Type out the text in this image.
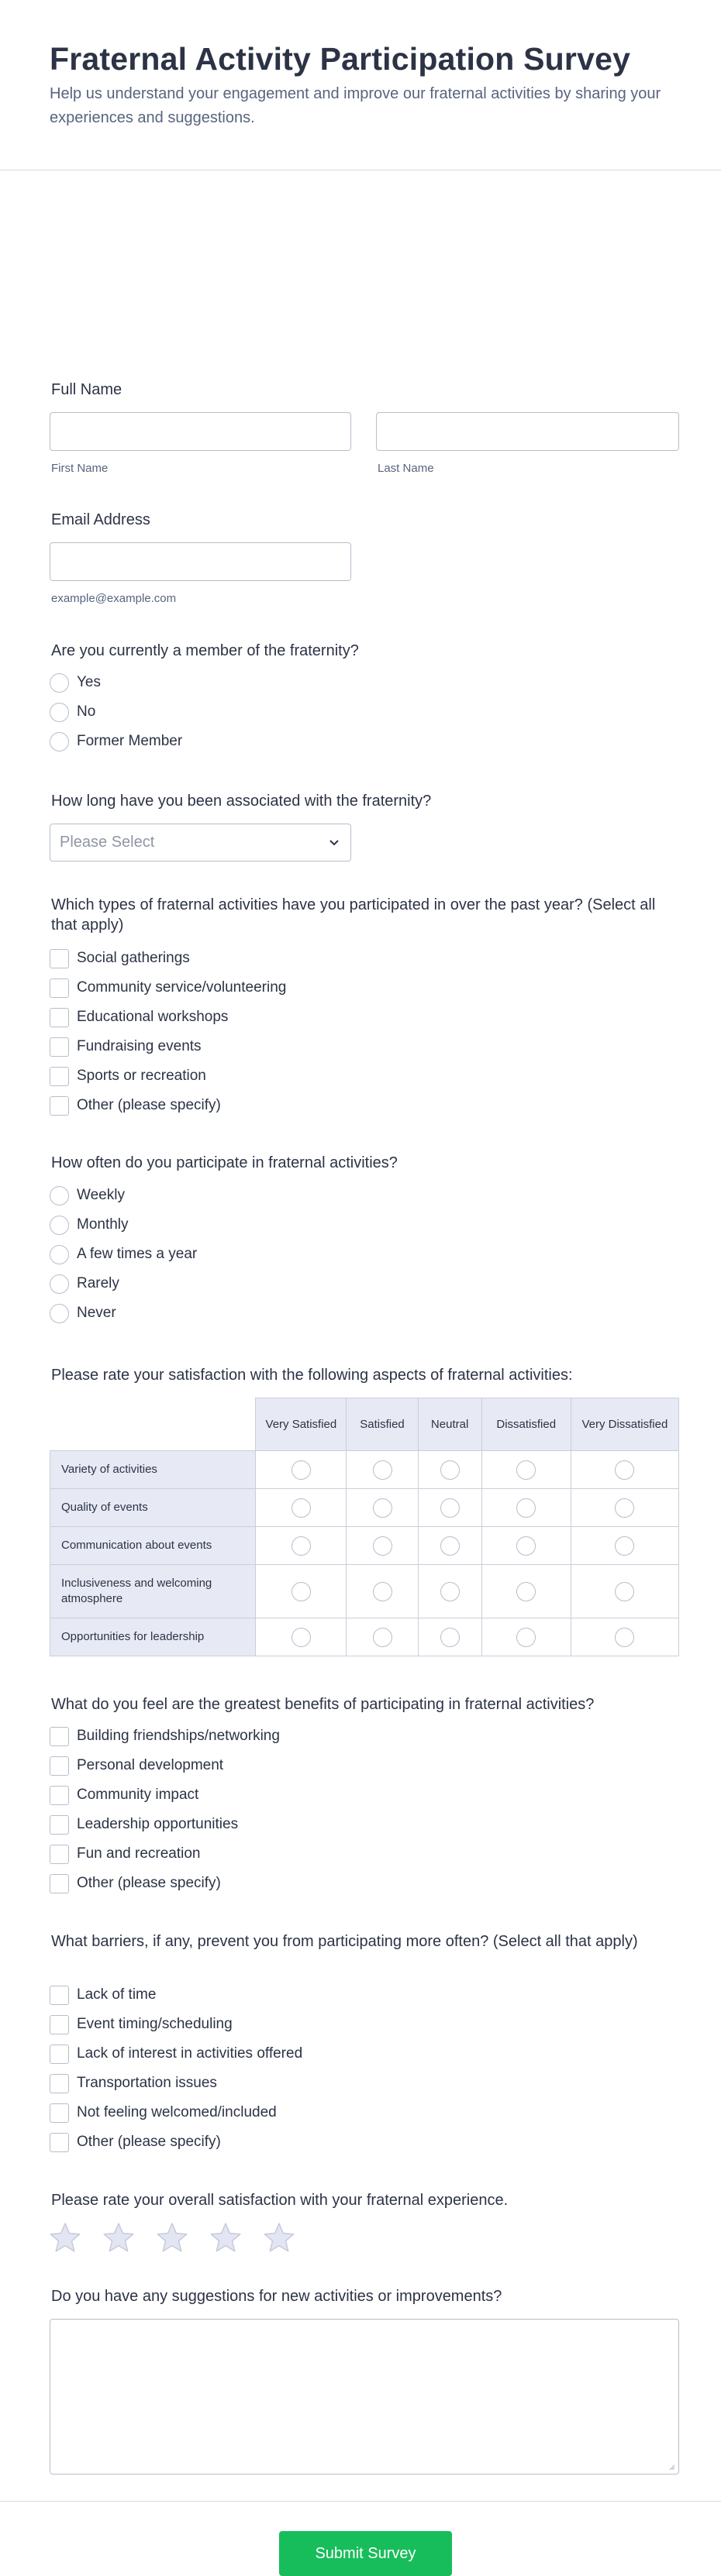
Fraternal Activity Participation Survey

Help us understand your engagement and improve our fraternal activities by sharing your experiences and suggestions.

Full Name
First Name	Last Name
Email Address
example@example.com
Are you currently a member of the fraternity?
Yes
No
Former Member
How long have you been associated with the fraternity?
Please Select
Which types of fraternal activities have you participated in over the past year? (Select all that apply)
Social gatherings
Community service/volunteering
Educational workshops
Fundraising events
Sports or recreation
Other (please specify)
How often do you participate in fraternal activities?
Weekly
Monthly
A few times a year
Rarely
Never
Please rate your satisfaction with the following aspects of fraternal activities:
	Very Satisfied	Satisfied	Neutral	Dissatisfied	Very Dissatisfied
Variety of activities					
Quality of events					
Communication about events					
Inclusiveness and welcoming atmosphere					
Opportunities for leadership					
What do you feel are the greatest benefits of participating in fraternal activities?
Building friendships/networking
Personal development
Community impact
Leadership opportunities
Fun and recreation
Other (please specify)
What barriers, if any, prevent you from participating more often? (Select all that apply)
Lack of time
Event timing/scheduling
Lack of interest in activities offered
Transportation issues
Not feeling welcomed/included
Other (please specify)
Please rate your overall satisfaction with your fraternal experience.
Do you have any suggestions for new activities or improvements?
Submit Survey
